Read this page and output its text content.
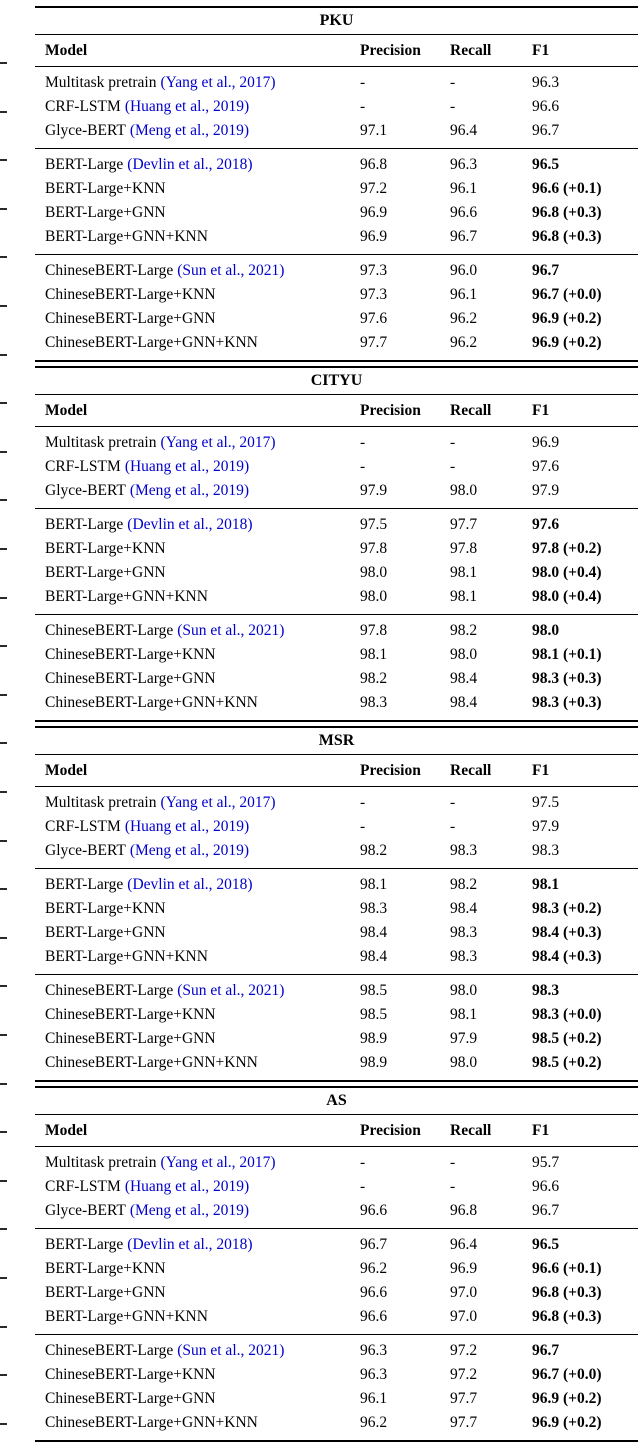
PKU
Model	Precision	Recall	F1
Multitask pretrain (Yang et al., 2017)	-	-	96.3
CRF-LSTM (Huang et al., 2019)	-	-	96.6
Glyce-BERT (Meng et al., 2019)	97.1	96.4	96.7
BERT-Large (Devlin et al., 2018)	96.8	96.3	96.5
BERT-Large+KNN	97.2	96.1	96.6 (+0.1)
BERT-Large+GNN	96.9	96.6	96.8 (+0.3)
BERT-Large+GNN+KNN	96.9	96.7	96.8 (+0.3)
ChineseBERT-Large (Sun et al., 2021)	97.3	96.0	96.7
ChineseBERT-Large+KNN	97.3	96.1	96.7 (+0.0)
ChineseBERT-Large+GNN	97.6	96.2	96.9 (+0.2)
ChineseBERT-Large+GNN+KNN	97.7	96.2	96.9 (+0.2)
CITYU
Model	Precision	Recall	F1
Multitask pretrain (Yang et al., 2017)	-	-	96.9
CRF-LSTM (Huang et al., 2019)	-	-	97.6
Glyce-BERT (Meng et al., 2019)	97.9	98.0	97.9
BERT-Large (Devlin et al., 2018)	97.5	97.7	97.6
BERT-Large+KNN	97.8	97.8	97.8 (+0.2)
BERT-Large+GNN	98.0	98.1	98.0 (+0.4)
BERT-Large+GNN+KNN	98.0	98.1	98.0 (+0.4)
ChineseBERT-Large (Sun et al., 2021)	97.8	98.2	98.0
ChineseBERT-Large+KNN	98.1	98.0	98.1 (+0.1)
ChineseBERT-Large+GNN	98.2	98.4	98.3 (+0.3)
ChineseBERT-Large+GNN+KNN	98.3	98.4	98.3 (+0.3)
MSR
Model	Precision	Recall	F1
Multitask pretrain (Yang et al., 2017)	-	-	97.5
CRF-LSTM (Huang et al., 2019)	-	-	97.9
Glyce-BERT (Meng et al., 2019)	98.2	98.3	98.3
BERT-Large (Devlin et al., 2018)	98.1	98.2	98.1
BERT-Large+KNN	98.3	98.4	98.3 (+0.2)
BERT-Large+GNN	98.4	98.3	98.4 (+0.3)
BERT-Large+GNN+KNN	98.4	98.3	98.4 (+0.3)
ChineseBERT-Large (Sun et al., 2021)	98.5	98.0	98.3
ChineseBERT-Large+KNN	98.5	98.1	98.3 (+0.0)
ChineseBERT-Large+GNN	98.9	97.9	98.5 (+0.2)
ChineseBERT-Large+GNN+KNN	98.9	98.0	98.5 (+0.2)
AS
Model	Precision	Recall	F1
Multitask pretrain (Yang et al., 2017)	-	-	95.7
CRF-LSTM (Huang et al., 2019)	-	-	96.6
Glyce-BERT (Meng et al., 2019)	96.6	96.8	96.7
BERT-Large (Devlin et al., 2018)	96.7	96.4	96.5
BERT-Large+KNN	96.2	96.9	96.6 (+0.1)
BERT-Large+GNN	96.6	97.0	96.8 (+0.3)
BERT-Large+GNN+KNN	96.6	97.0	96.8 (+0.3)
ChineseBERT-Large (Sun et al., 2021)	96.3	97.2	96.7
ChineseBERT-Large+KNN	96.3	97.2	96.7 (+0.0)
ChineseBERT-Large+GNN	96.1	97.7	96.9 (+0.2)
ChineseBERT-Large+GNN+KNN	96.2	97.7	96.9 (+0.2)
